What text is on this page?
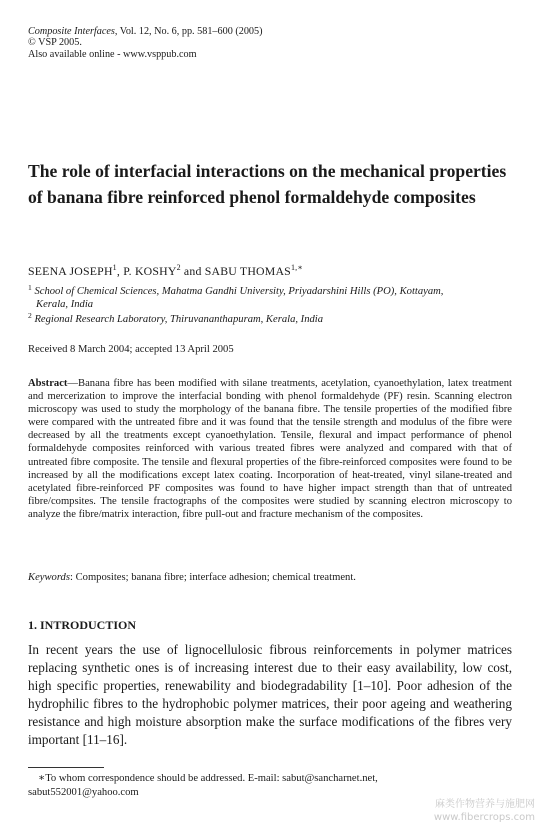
Composite Interfaces, Vol. 12, No. 6, pp. 581–600 (2005)
© VSP 2005.
Also available online - www.vsppub.com
The role of interfacial interactions on the mechanical properties of banana fibre reinforced phenol formaldehyde composites
SEENA JOSEPH$^1$, P. KOSHY$^2$ and SABU $THOMAS^{1,∗}$
$^1$ School of Chemical Sciences, Mahatma Gandhi University, Priyadarshini Hills (PO), Kottayam,
Kerala, India
$^2$ Regional Research Laboratory, Thiruvananthapuram, Kerala, India
Received 8 March 2004; accepted 13 April 2005
Abstract—Banana fibre has been modified with silane treatments, acetylation, cyanoethylation, latex treatment and mercerization to improve the interfacial bonding with phenol formaldehyde (PF) resin. Scanning electron microscopy was used to study the morphology of the banana fibre. The tensile properties of the modified fibre were compared with the untreated fibre and it was found that the tensile strength and modulus of the fibre were decreased by all the treatments except cyanoethylation. Tensile, flexural and impact performance of phenol formaldehyde composites reinforced with various treated fibres were analyzed and compared with that of untreated fibre composite. The tensile and flexural properties of the fibre-reinforced composites were found to be increased by all the modifications except latex coating. Incorporation of heat-treated, vinyl silane-treated and acetylated fibre-reinforced PF composites was found to have higher impact strength than that of untreated fibre/compsites. The tensile fractographs of the composites were studied by scanning electron microscopy to analyze the fibre/matrix interaction, fibre pull-out and fracture mechanism of the composites.
Keywords: Composites; banana fibre; interface adhesion; chemical treatment.
1. INTRODUCTION
In recent years the use of lignocellulosic fibrous reinforcements in polymer matrices replacing synthetic ones is of increasing interest due to their easy availability, low cost, high specific properties, renewability and biodegradability [1–10]. Poor adhesion of the hydrophilic fibres to the hydrophobic polymer matrices, their poor ageing and weathering resistance and high moisture absorption make the surface modifications of the fibres very important [11–16].
∗To whom correspondence should be addressed. E-mail: sabut@sancharnet.net,
sabut552001@yahoo.com
麻类作物营养与施肥网
www.fibercrops.com
